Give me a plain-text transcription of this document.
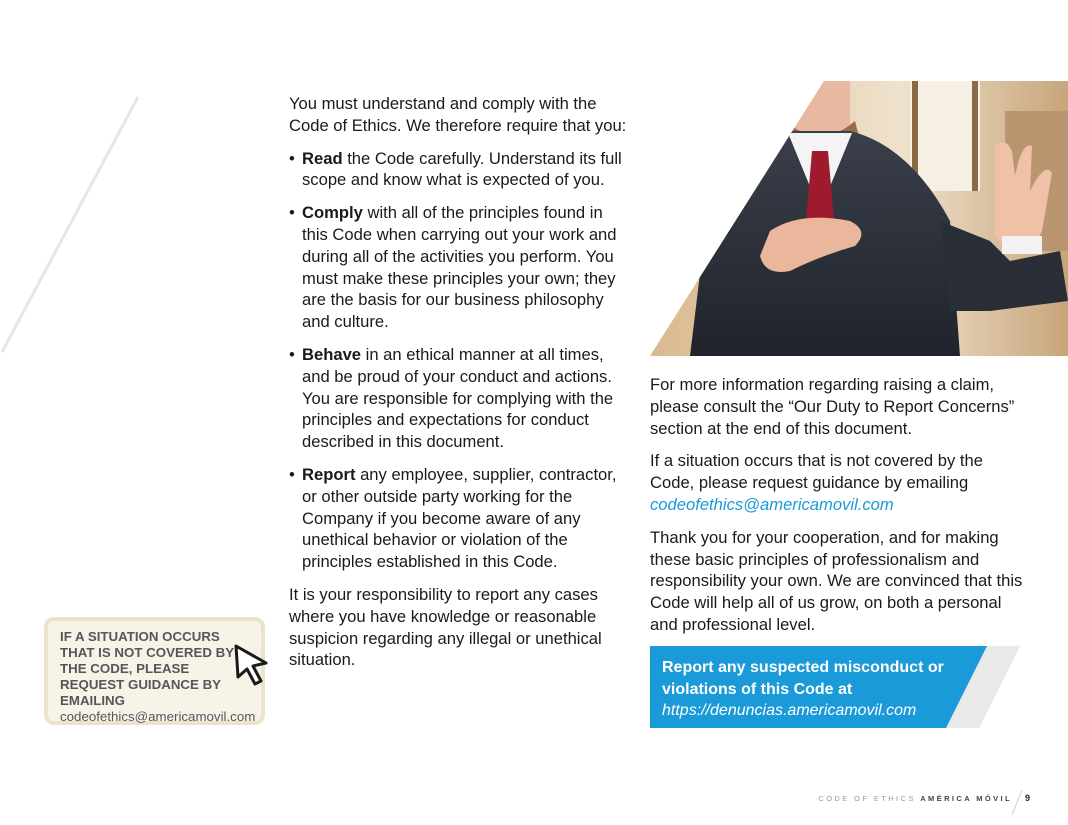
You must understand and comply with the Code of Ethics. We therefore require that you:

• Read the Code carefully. Understand its full scope and know what is expected of you.
• Comply with all of the principles found in this Code when carrying out your work and during all of the activities you perform. You must make these principles your own; they are the basis for our business philosophy and culture.
• Behave in an ethical manner at all times, and be proud of your conduct and actions. You are responsible for complying with the principles and expectations for conduct described in this document.
• Report any employee, supplier, contractor, or other outside party working for the Company if you become aware of any unethical behavior or violation of the principles established in this Code.

It is your responsibility to report any cases where you have knowledge or reasonable suspicion regarding any illegal or unethical situation.

For more information regarding raising a claim, please consult the “Our Duty to Report Concerns” section at the end of this document.

If a situation occurs that is not covered by the Code, please request guidance by emailing
codeofethics@americamovil.com

Thank you for your cooperation, and for making these basic principles of professionalism and responsibility your own. We are convinced that this Code will help all of us grow, on both a personal and professional level.

Report any suspected misconduct or
violations of this Code at
https://denuncias.americamovil.com
IF A SITUATION OCCURS THAT IS NOT COVERED BY THE CODE, PLEASE REQUEST GUIDANCE BY EMAILING
codeofethics@americamovil.com
CODE OF ETHICS
AMÉRICA MÓVIL 9
